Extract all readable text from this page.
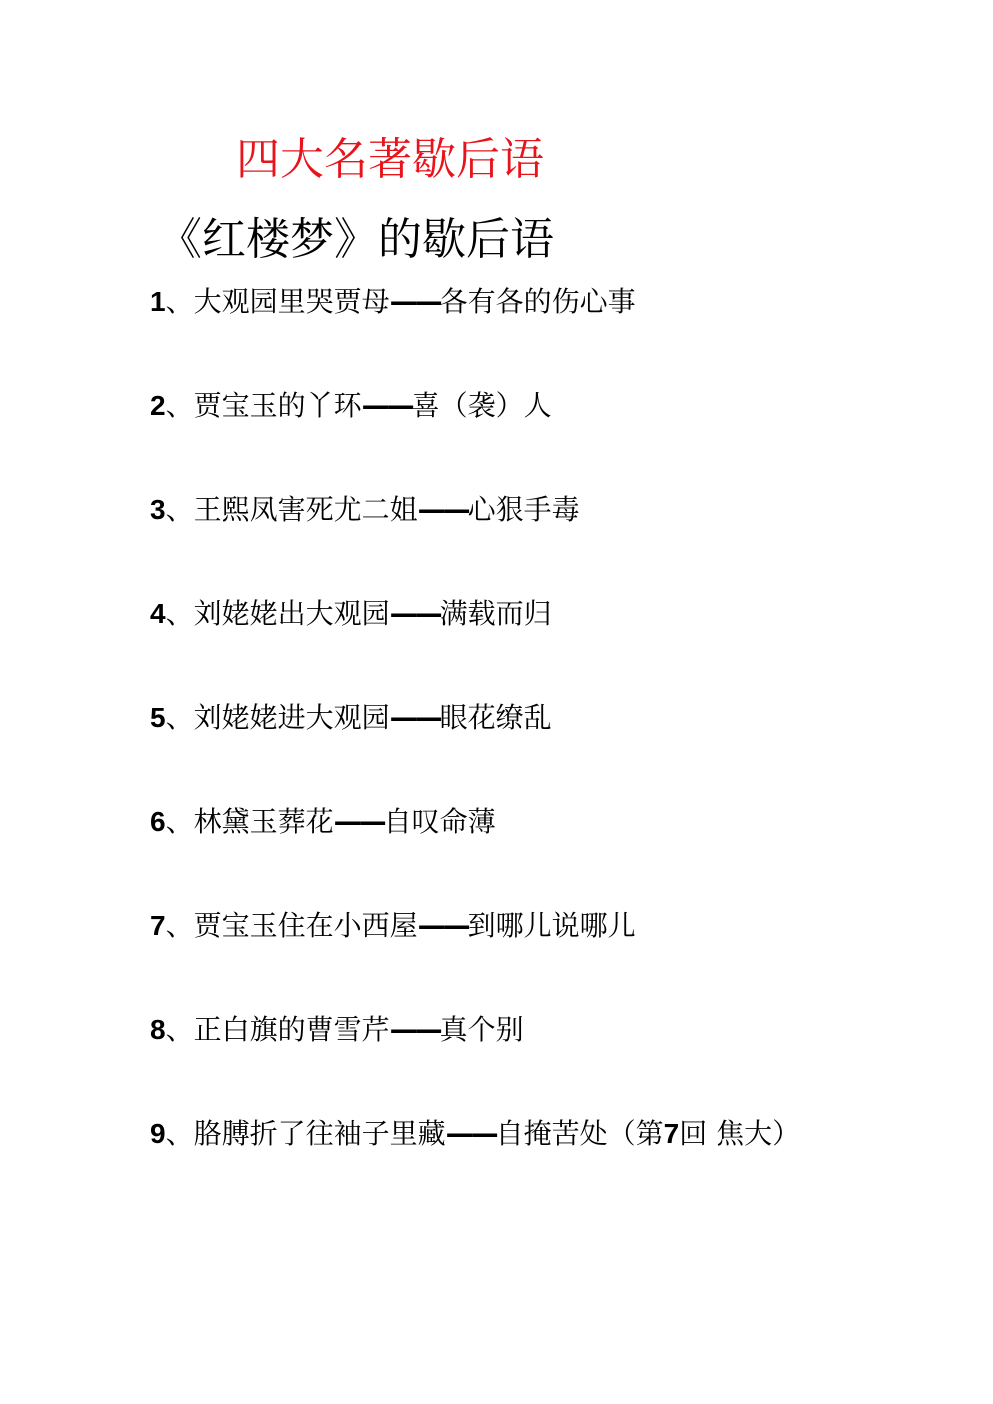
四大名著歇后语
《红楼梦》的歇后语
1、大观园里哭贾母——各有各的伤心事
2、贾宝玉的丫环——喜（袭）人
3、王熙凤害死尤二姐——心狠手毒
4、刘姥姥出大观园——满载而归
5、刘姥姥进大观园——眼花缭乱
6、林黛玉葬花——自叹命薄
7、贾宝玉住在小西屋——到哪儿说哪儿
8、正白旗的曹雪芹——真个别
9、胳膊折了往袖子里藏——自掩苦处（第7回 焦大）
